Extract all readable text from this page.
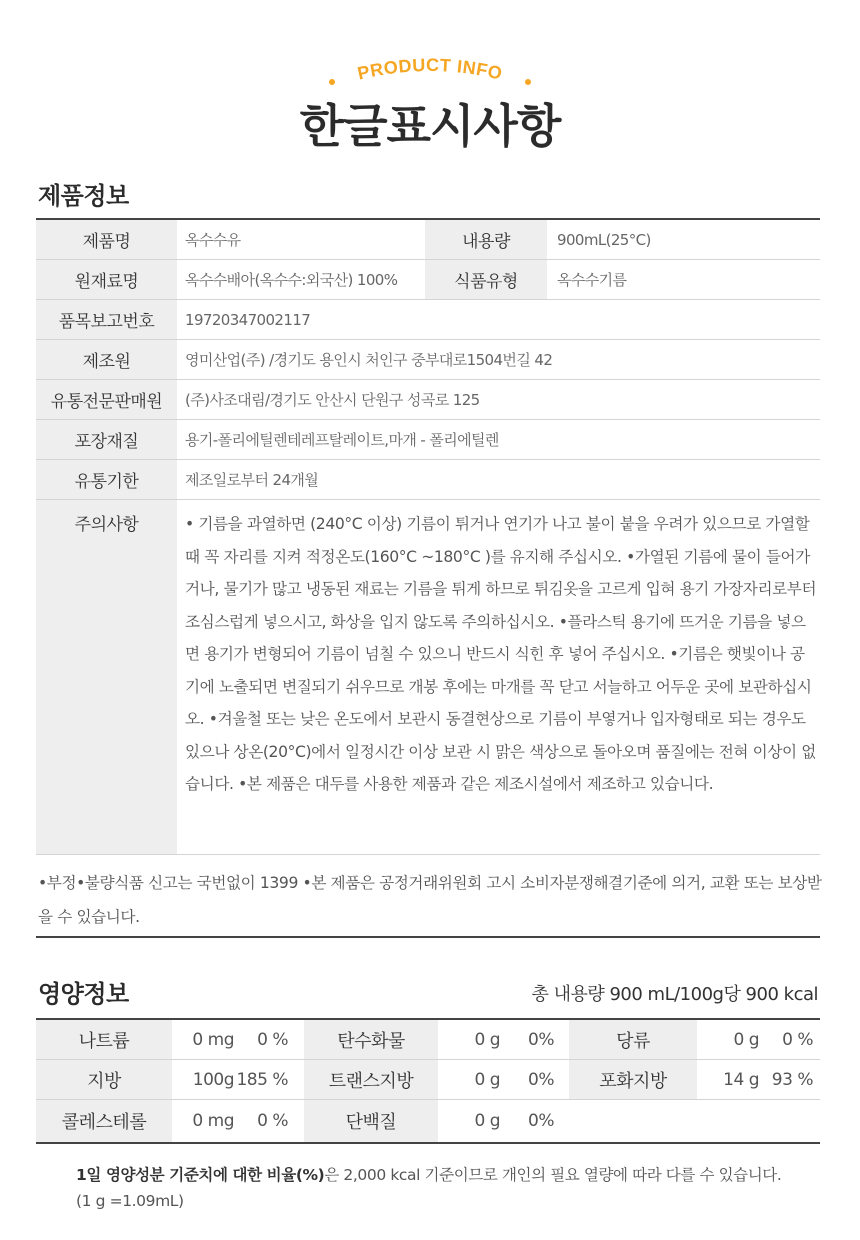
PRODUCT INFO
한글표시사항
제품정보
제품명	옥수수유	내용량	900mL(25°C)
원재료명	옥수수배아(옥수수:외국산) 100%	식품유형	옥수수기름
품목보고번호	19720347002117
제조원	영미산업(주) /경기도 용인시 처인구 중부대로1504번길 42
유통전문판매원	(주)사조대림/경기도 안산시 단원구 성곡로 125
포장재질	용기-폴리에틸렌테레프탈레이트,마개 - 폴리에틸렌
유통기한	제조일로부터 24개월
주의사항	• 기름을 과열하면 (240°C 이상) 기름이 튀거나 연기가 나고 불이 붙을 우려가 있으므로 가열할 때 꼭 자리를 지켜 적정온도(160°C ~180°C )를 유지해 주십시오. •가열된 기름에 물이 들어가거나, 물기가 많고 냉동된 재료는 기름을 튀게 하므로 튀김옷을 고르게 입혀 용기 가장자리로부터 조심스럽게 넣으시고, 화상을 입지 않도록 주의하십시오. •플라스틱 용기에 뜨거운 기름을 넣으면 용기가 변형되어 기름이 넘칠 수 있으니 반드시 식힌 후 넣어 주십시오. •기름은 햇빛이나 공기에 노출되면 변질되기 쉬우므로 개봉 후에는 마개를 꼭 닫고 서늘하고 어두운 곳에 보관하십시오. •겨울철 또는 낮은 온도에서 보관시 동결현상으로 기름이 부옇거나 입자형태로 되는 경우도 있으나 상온(20°C)에서 일정시간 이상 보관 시 맑은 색상으로 돌아오며 품질에는 전혀 이상이 없습니다. •본 제품은 대두를 사용한 제품과 같은 제조시설에서 제조하고 있습니다.
•부정•불량식품 신고는 국번없이 1399 •본 제품은 공정거래위원회 고시 소비자분쟁해결기준에 의거, 교환 또는 보상받을 수 있습니다.
영양정보	총 내용량 900 mL/100g당 900 kcal
나트륨	0 mg	0 %	탄수화물	0 g	0%	당류	0 g	0 %
지방	100g 185 %	트랜스지방	0 g	0%	포화지방	14 g 93 %
콜레스테롤	0 mg	0 %	단백질	0 g	0%
1일 영양성분 기준치에 대한 비율(%)은 2,000 kcal 기준이므로 개인의 필요 열량에 따라 다를 수 있습니다.
(1 g =1.09mL)
